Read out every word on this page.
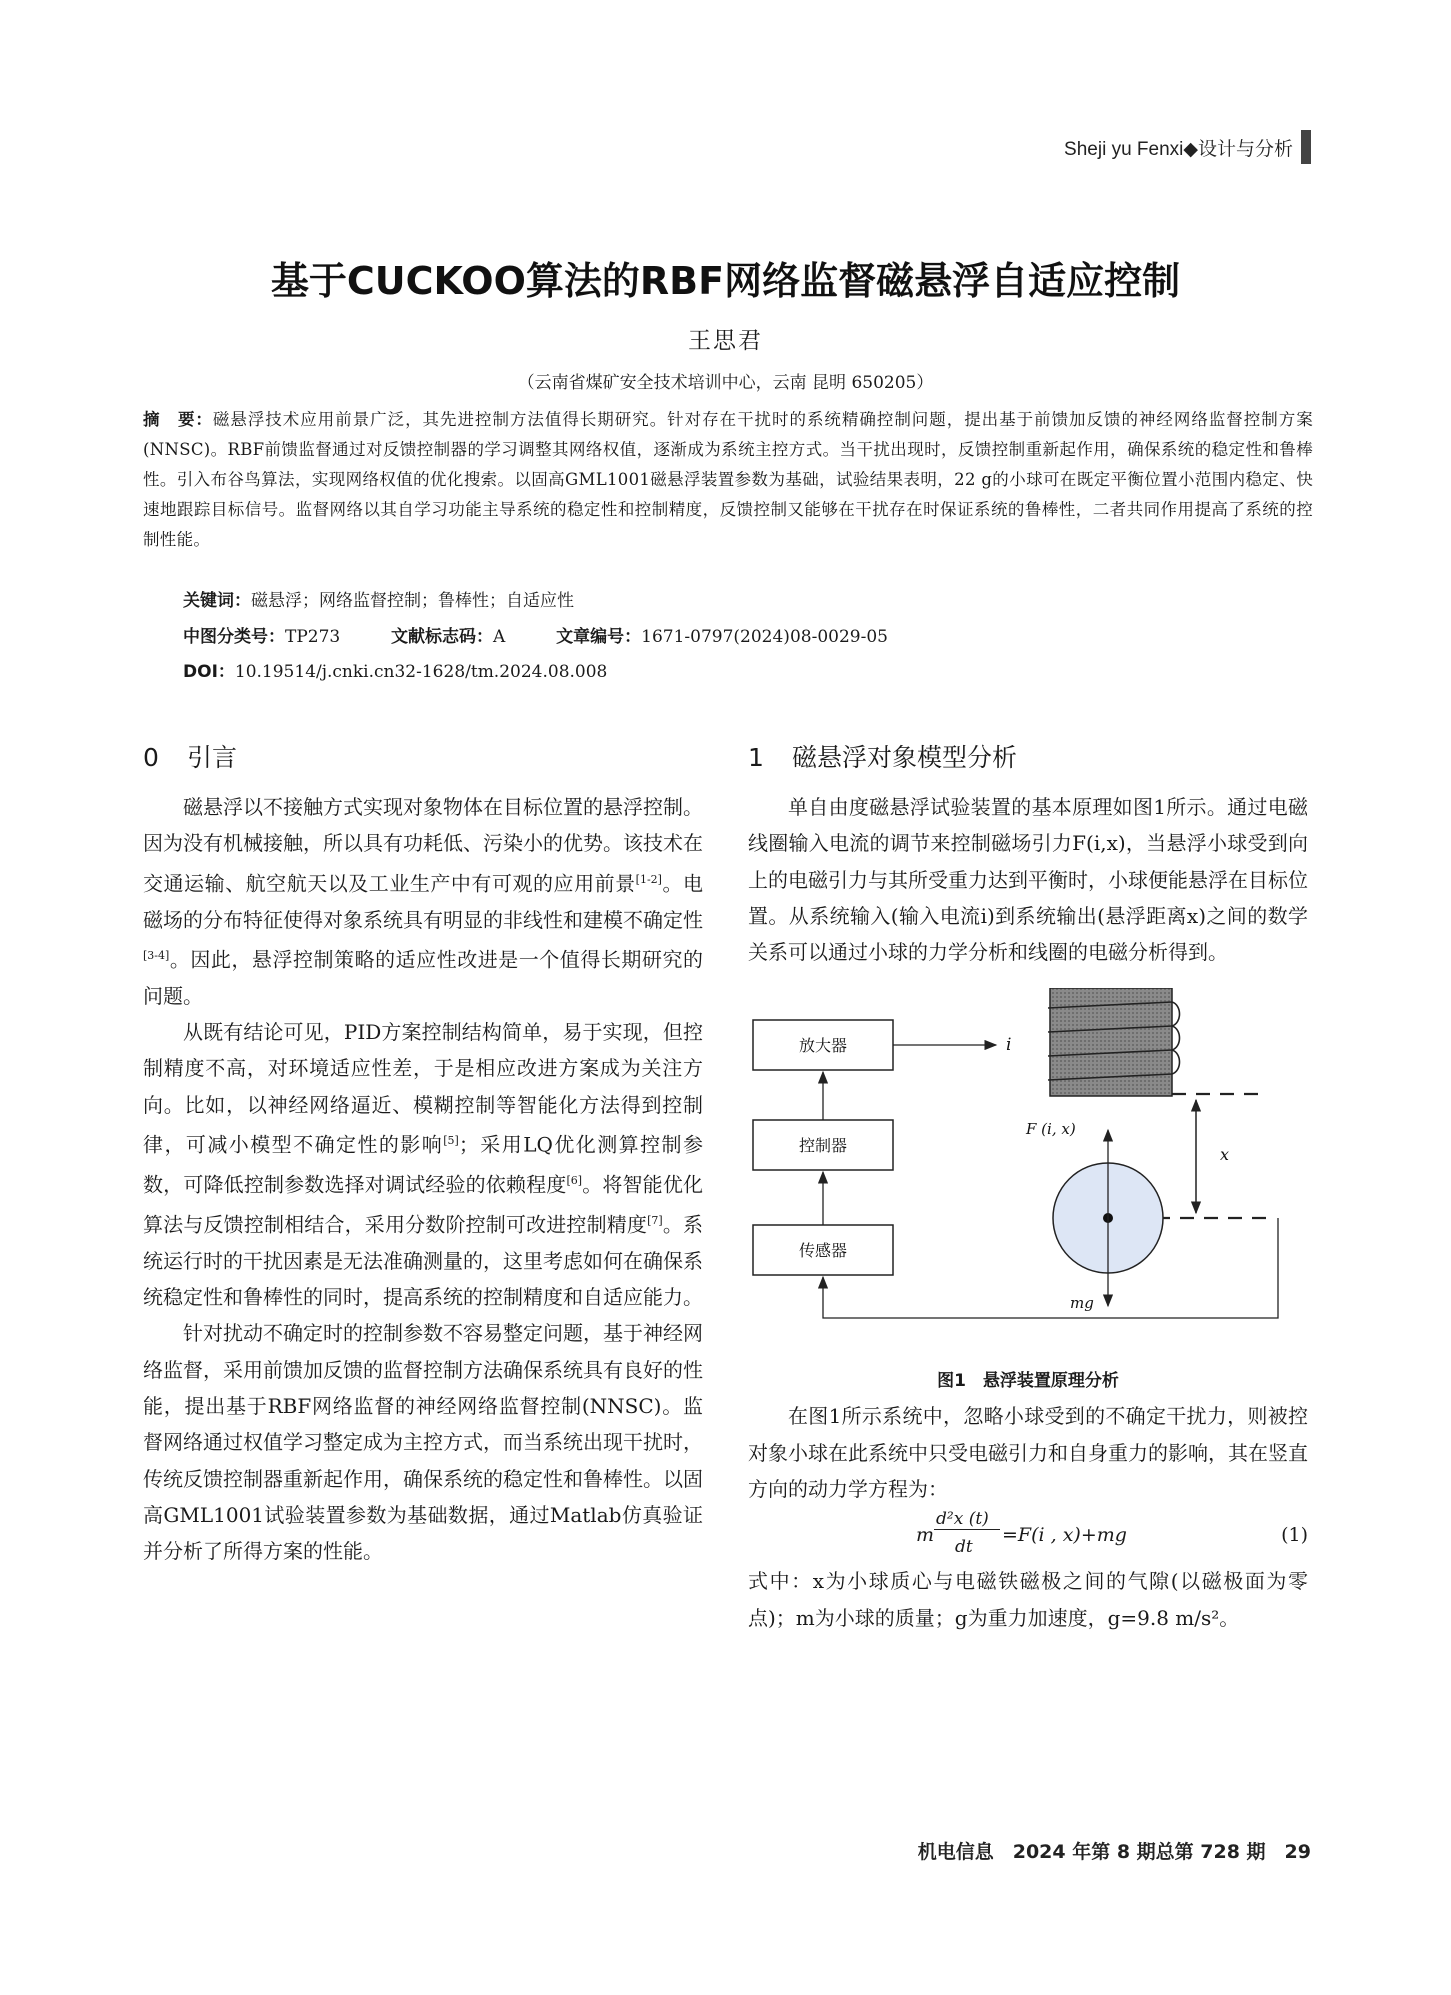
Sheji yu Fenxi◆设计与分析
基于CUCKOO算法的RBF网络监督磁悬浮自适应控制
王思君
（云南省煤矿安全技术培训中心，云南 昆明 650205）
摘　要：磁悬浮技术应用前景广泛，其先进控制方法值得长期研究。针对存在干扰时的系统精确控制问题，提出基于前馈加反馈的神经网络监督控制方案(NNSC)。RBF前馈监督通过对反馈控制器的学习调整其网络权值，逐渐成为系统主控方式。当干扰出现时，反馈控制重新起作用，确保系统的稳定性和鲁棒性。引入布谷鸟算法，实现网络权值的优化搜索。以固高GML1001磁悬浮装置参数为基础，试验结果表明，22 g的小球可在既定平衡位置小范围内稳定、快速地跟踪目标信号。监督网络以其自学习功能主导系统的稳定性和控制精度，反馈控制又能够在干扰存在时保证系统的鲁棒性，二者共同作用提高了系统的控制性能。
关键词：磁悬浮；网络监督控制；鲁棒性；自适应性
中图分类号：TP273	文献标志码：A	文章编号：1671-0797(2024)08-0029-05
DOI：10.19514/j.cnki.cn32-1628/tm.2024.08.008
0 引言

磁悬浮以不接触方式实现对象物体在目标位置的悬浮控制。因为没有机械接触，所以具有功耗低、污染小的优势。该技术在交通运输、航空航天以及工业生产中有可观的应用前景[1-2]。电磁场的分布特征使得对象系统具有明显的非线性和建模不确定性[3-4]。因此，悬浮控制策略的适应性改进是一个值得长期研究的问题。

从既有结论可见，PID方案控制结构简单，易于实现，但控制精度不高，对环境适应性差，于是相应改进方案成为关注方向。比如，以神经网络逼近、模糊控制等智能化方法得到控制律，可减小模型不确定性的影响[5]；采用LQ优化测算控制参数，可降低控制参数选择对调试经验的依赖程度[6]。将智能优化算法与反馈控制相结合，采用分数阶控制可改进控制精度[7]。系统运行时的干扰因素是无法准确测量的，这里考虑如何在确保系统稳定性和鲁棒性的同时，提高系统的控制精度和自适应能力。

针对扰动不确定时的控制参数不容易整定问题，基于神经网络监督，采用前馈加反馈的监督控制方法确保系统具有良好的性能，提出基于RBF网络监督的神经网络监督控制(NNSC)。监督网络通过权值学习整定成为主控方式，而当系统出现干扰时，传统反馈控制器重新起作用，确保系统的稳定性和鲁棒性。以固高GML1001试验装置参数为基础数据，通过Matlab仿真验证并分析了所得方案的性能。

1 磁悬浮对象模型分析

单自由度磁悬浮试验装置的基本原理如图1所示。通过电磁线圈输入电流的调节来控制磁场引力F(i,x)，当悬浮小球受到向上的电磁引力与其所受重力达到平衡时，小球便能悬浮在目标位置。从系统输入(输入电流i)到系统输出(悬浮距离x)之间的数学关系可以通过小球的力学分析和线圈的电磁分析得到。

放大器
控制器
传感器
i
F (i, x)
x
mg
图1　悬浮装置原理分析

在图1所示系统中，忽略小球受到的不确定干扰力，则被控对象小球在此系统中只受电磁引力和自身重力的影响，其在竖直方向的动力学方程为：

m
d²x (t)
dt
=F(i , x)+mg	(1)

式中：x为小球质心与电磁铁磁极之间的气隙(以磁极面为零点)；m为小球的质量；g为重力加速度，g=9.8 m/s²。

机电信息　2024 年第 8 期总第 728 期　29
